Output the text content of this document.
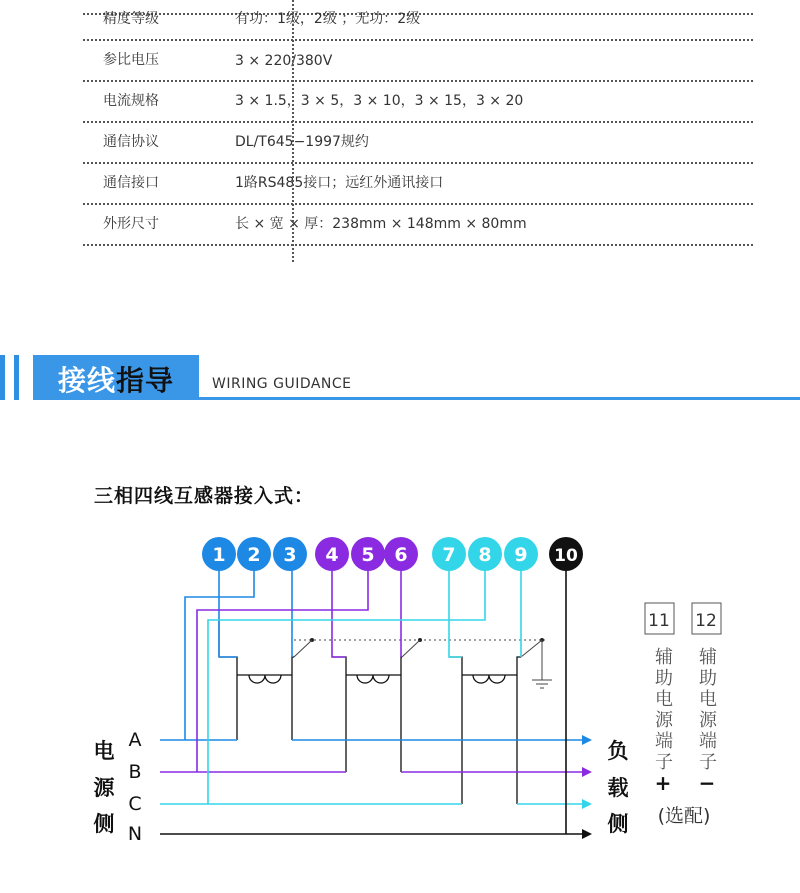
精度等级	有功：1级，2级 ；无功：2级
参比电压	3 × 220/380V
电流规格	3 × 1.5，3 × 5，3 × 10，3 × 15，3 × 20
通信协议	DL/T645−1997规约
通信接口	1路RS485接口；远红外通讯接口
外形尺寸	长 × 宽 × 厚：238mm × 148mm × 80mm
接线指导	WIRING GUIDANCE
三相四线互感器接入式：
1 2 3 4 5 6 7 8 9 10
11 12
辅助电源端子
辅助电源端子
+ −
(选配)
电
源
侧
A
B
C
N
负
载
侧
